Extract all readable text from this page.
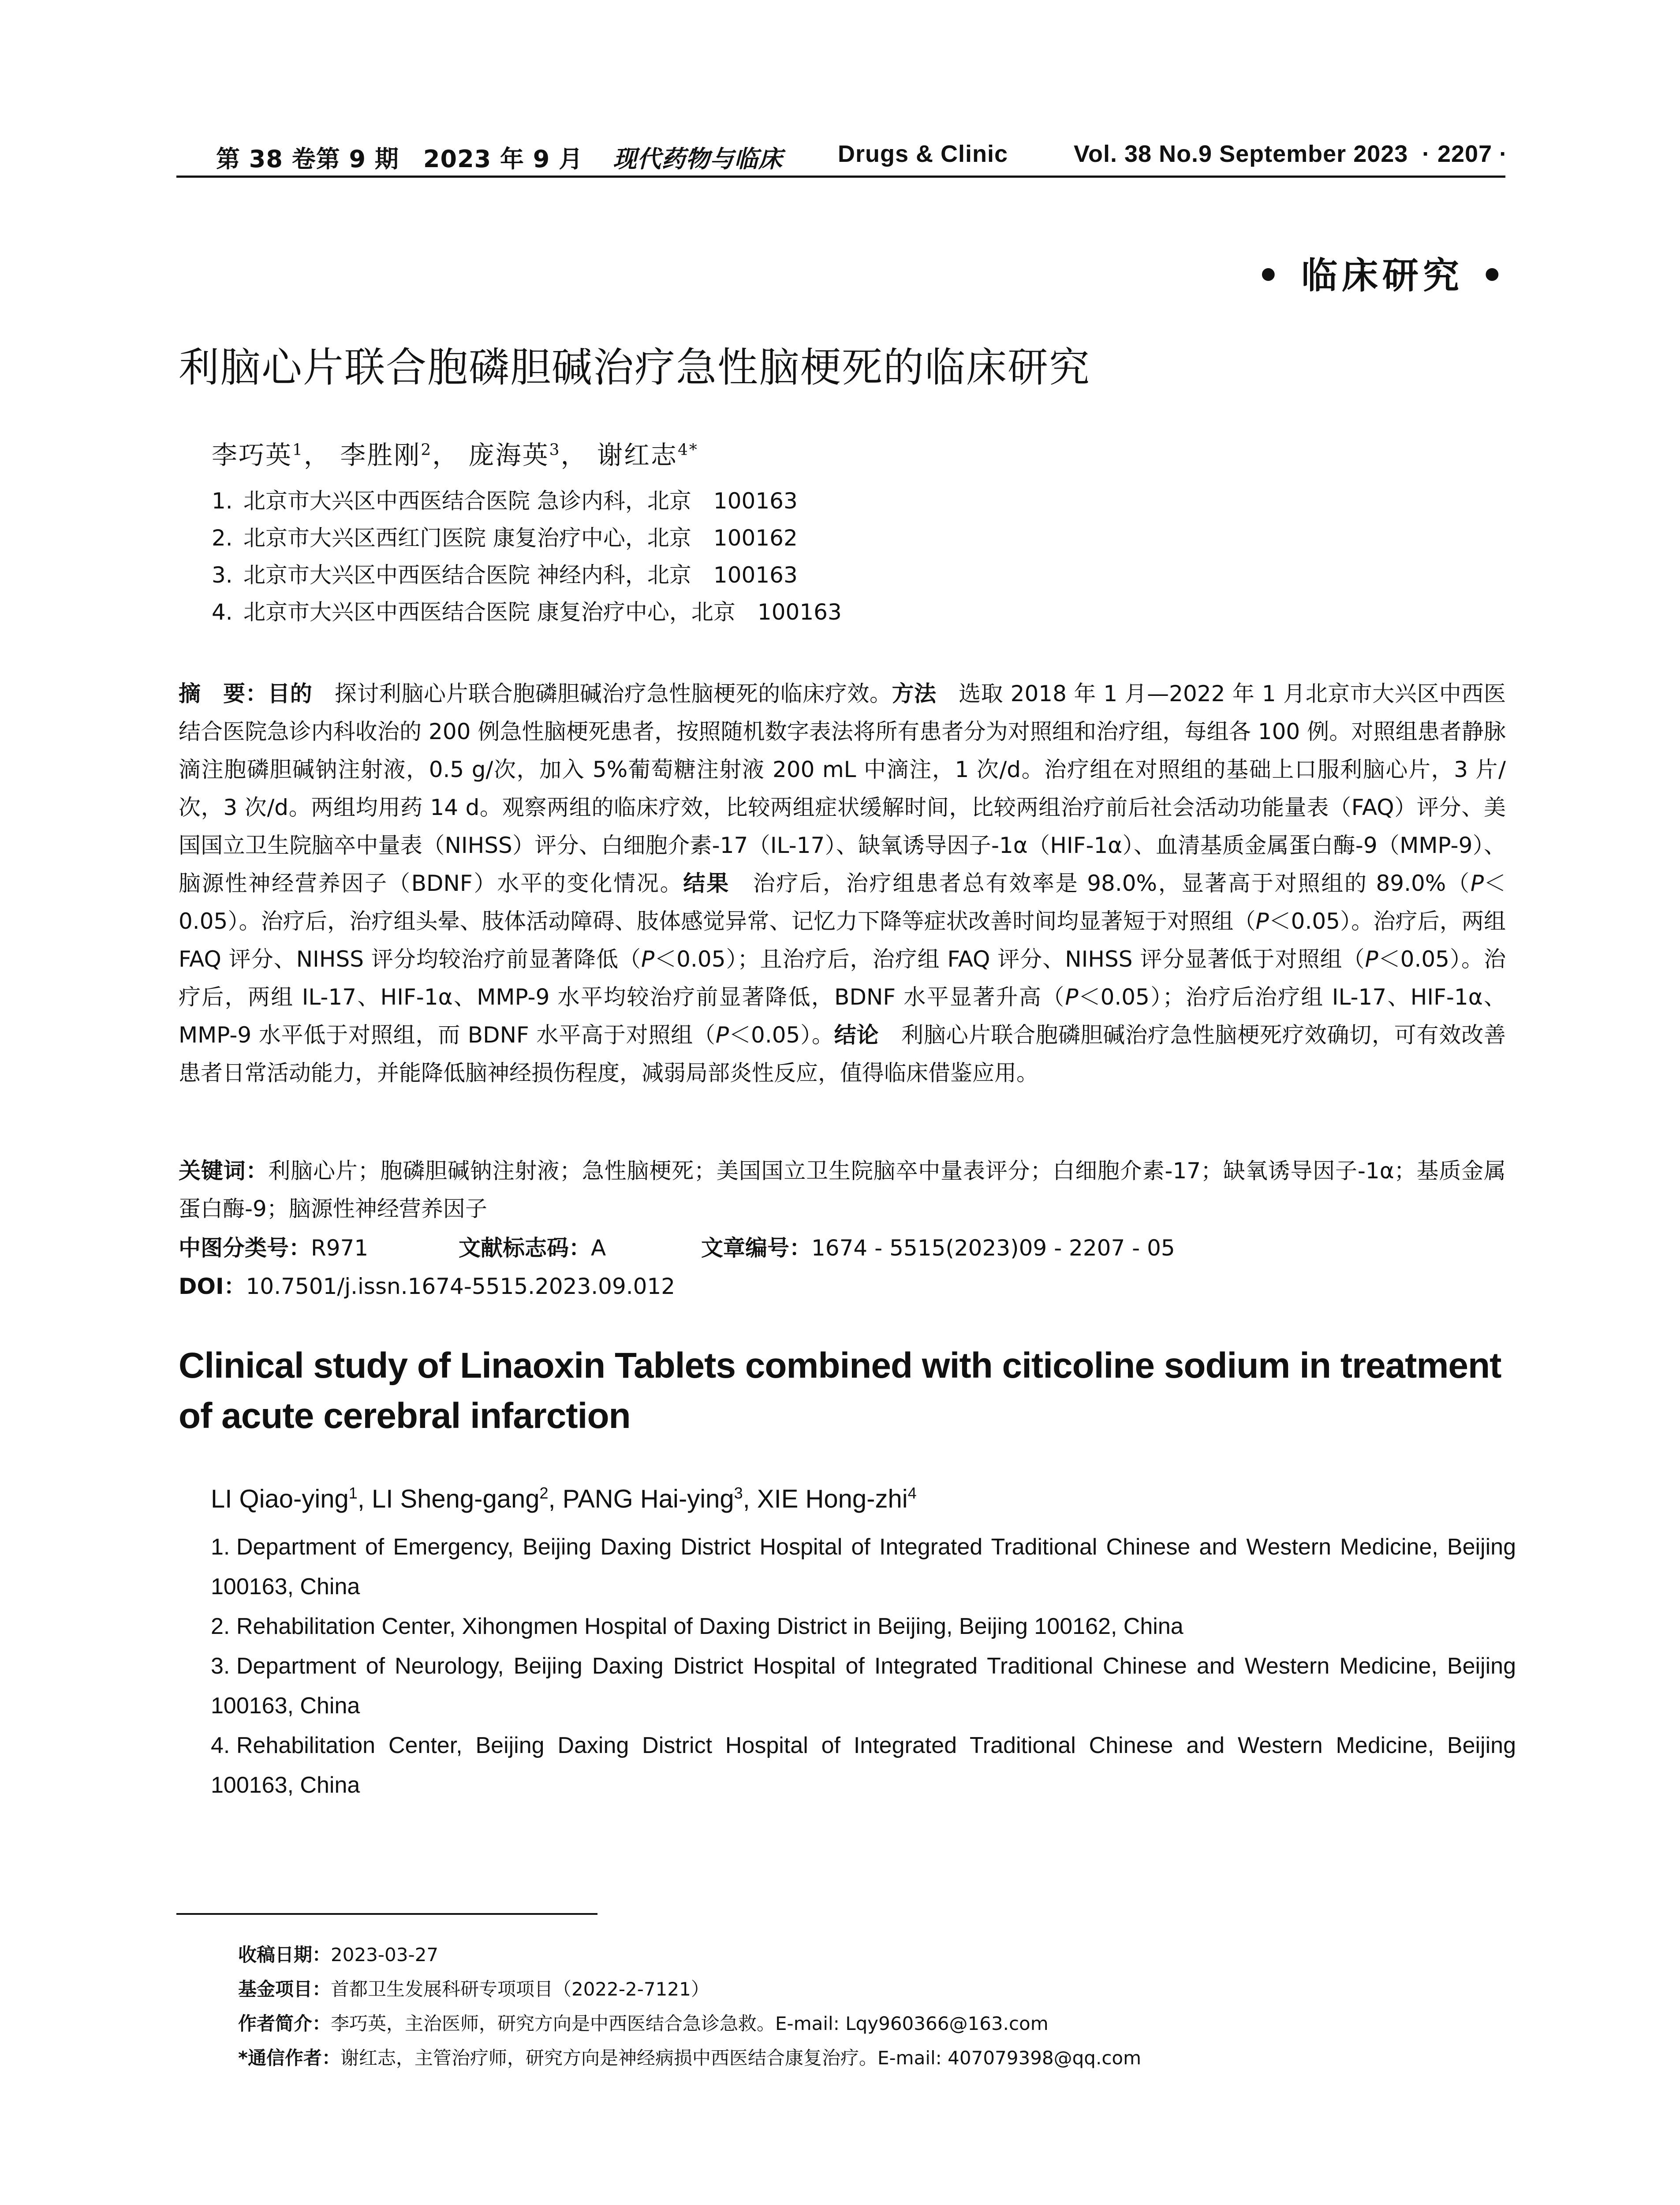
第 38 卷第 9 期　2023 年 9 月 现代药物与临床 Drugs & Clinic	Vol. 38 No.9 September 2023 · 2207 ·
• 临床研究 •
利脑心片联合胞磷胆碱治疗急性脑梗死的临床研究
李巧英$^1$， 李胜刚$^2$， 庞海英$^3$， 谢红志$^{4*}$
1. 北京市大兴区中西医结合医院 急诊内科，北京　100163
2. 北京市大兴区西红门医院 康复治疗中心，北京　100162
3. 北京市大兴区中西医结合医院 神经内科，北京　100163
4. 北京市大兴区中西医结合医院 康复治疗中心，北京　100163
摘　要：目的　探讨利脑心片联合胞磷胆碱治疗急性脑梗死的临床疗效。方法　选取 2018 年 1 月—2022 年 1 月北京市大兴区中西医结合医院急诊内科收治的 200 例急性脑梗死患者，按照随机数字表法将所有患者分为对照组和治疗组，每组各 100 例。对照组患者静脉滴注胞磷胆碱钠注射液，0.5 g/次，加入 5%葡萄糖注射液 200 mL 中滴注，1 次/d。治疗组在对照组的基础上口服利脑心片，3 片/次，3 次/d。两组均用药 14 d。观察两组的临床疗效，比较两组症状缓解时间，比较两组治疗前后社会活动功能量表（FAQ）评分、美国国立卫生院脑卒中量表（NIHSS）评分、白细胞介素-17（IL-17）、缺氧诱导因子-1α（HIF-1α）、血清基质金属蛋白酶-9（MMP-9）、脑源性神经营养因子（BDNF）水平的变化情况。结果　治疗后，治疗组患者总有效率是 98.0%，显著高于对照组的 89.0%（P＜0.05）。治疗后，治疗组头晕、肢体活动障碍、肢体感觉异常、记忆力下降等症状改善时间均显著短于对照组（P＜0.05）。治疗后，两组 FAQ 评分、NIHSS 评分均较治疗前显著降低（P＜0.05）；且治疗后，治疗组 FAQ 评分、NIHSS 评分显著低于对照组（P＜0.05）。治疗后，两组 IL-17、HIF-1α、MMP-9 水平均较治疗前显著降低，BDNF 水平显著升高（P＜0.05）；治疗后治疗组 IL-17、HIF-1α、MMP-9 水平低于对照组，而 BDNF 水平高于对照组（P＜0.05）。结论　利脑心片联合胞磷胆碱治疗急性脑梗死疗效确切，可有效改善患者日常活动能力，并能降低脑神经损伤程度，减弱局部炎性反应，值得临床借鉴应用。
关键词：利脑心片；胞磷胆碱钠注射液；急性脑梗死；美国国立卫生院脑卒中量表评分；白细胞介素-17；缺氧诱导因子-1α；基质金属蛋白酶-9；脑源性神经营养因子
中图分类号：R971	文献标志码：A	文章编号：1674 - 5515(2023)09 - 2207 - 05
DOI：10.7501/j.issn.1674-5515.2023.09.012
Clinical study of Linaoxin Tablets combined with citicoline sodium in treatment
of acute cerebral infarction
LI Qiao-ying$^1$, LI Sheng-gang$^2$, PANG Hai-ying$^3$, XIE Hong-zhi$^4$
1. Department of Emergency, Beijing Daxing District Hospital of Integrated Traditional Chinese and Western Medicine, Beijing 100163, China
2. Rehabilitation Center, Xihongmen Hospital of Daxing District in Beijing, Beijing 100162, China
3. Department of Neurology, Beijing Daxing District Hospital of Integrated Traditional Chinese and Western Medicine, Beijing 100163, China
4. Rehabilitation Center, Beijing Daxing District Hospital of Integrated Traditional Chinese and Western Medicine, Beijing 100163, China
收稿日期：2023-03-27
基金项目：首都卫生发展科研专项项目（2022-2-7121）
作者简介：李巧英，主治医师，研究方向是中西医结合急诊急救。E-mail: Lqy960366@163.com
*通信作者：谢红志，主管治疗师，研究方向是神经病损中西医结合康复治疗。E-mail: 407079398@qq.com
